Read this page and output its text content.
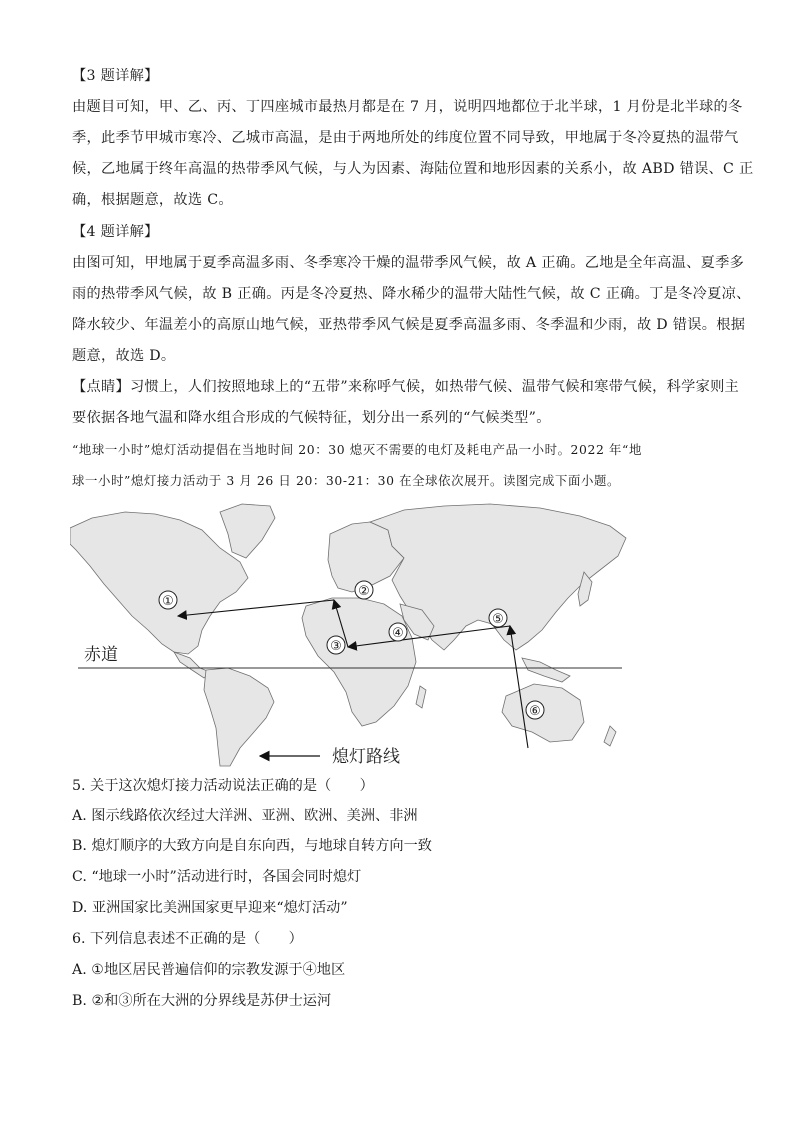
【3 题详解】
由题目可知，甲、乙、丙、丁四座城市最热月都是在 7 月，说明四地都位于北半球，1 月份是北半球的冬
季，此季节甲城市寒冷、乙城市高温，是由于两地所处的纬度位置不同导致，甲地属于冬冷夏热的温带气
候，乙地属于终年高温的热带季风气候，与人为因素、海陆位置和地形因素的关系小，故 ABD 错误、C 正
确，根据题意，故选 C。
【4 题详解】
由图可知，甲地属于夏季高温多雨、冬季寒冷干燥的温带季风气候，故 A 正确。乙地是全年高温、夏季多
雨的热带季风气候，故 B 正确。丙是冬冷夏热、降水稀少的温带大陆性气候，故 C 正确。丁是冬冷夏凉、
降水较少、年温差小的高原山地气候，亚热带季风气候是夏季高温多雨、冬季温和少雨，故 D 错误。根据
题意，故选 D。
【点睛】习惯上，人们按照地球上的“五带”来称呼气候，如热带气候、温带气候和寒带气候，科学家则主
要依据各地气温和降水组合形成的气候特征，划分出一系列的“气候类型”。
“地球一小时”熄灯活动提倡在当地时间 20：30 熄灭不需要的电灯及耗电产品一小时。2022 年“地
球一小时”熄灯接力活动于 3 月 26 日 20：30-21：30 在全球依次展开。读图完成下面小题。
赤道
①
②
③
④
⑤
⑥
熄灯路线
5. 关于这次熄灯接力活动说法正确的是（　　）
A. 图示线路依次经过大洋洲、亚洲、欧洲、美洲、非洲
B. 熄灯顺序的大致方向是自东向西，与地球自转方向一致
C. “地球一小时”活动进行时，各国会同时熄灯
D. 亚洲国家比美洲国家更早迎来“熄灯活动”
6. 下列信息表述不正确的是（　　）
A. ①地区居民普遍信仰的宗教发源于④地区
B. ②和③所在大洲的分界线是苏伊士运河
